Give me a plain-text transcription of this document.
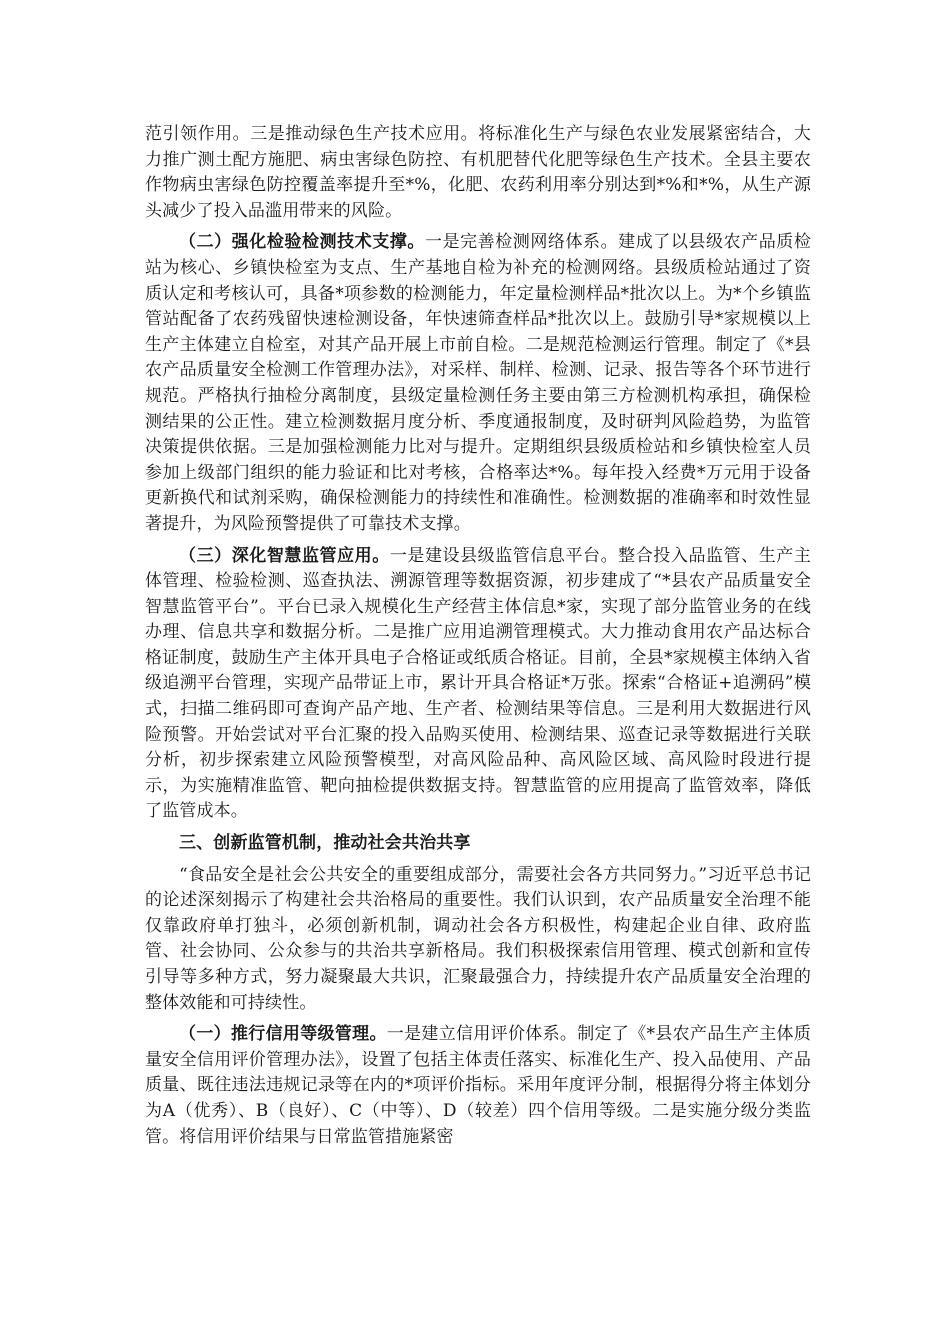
范引领作用。三是推动绿色生产技术应用。将标准化生产与绿色农业发展紧密结合，大力推广测土配方施肥、病虫害绿色防控、有机肥替代化肥等绿色生产技术。全县主要农作物病虫害绿色防控覆盖率提升至*%，化肥、农药利用率分别达到*%和*%，从生产源头减少了投入品滥用带来的风险。

（二）强化检验检测技术支撑。一是完善检测网络体系。建成了以县级农产品质检站为核心、乡镇快检室为支点、生产基地自检为补充的检测网络。县级质检站通过了资质认定和考核认可，具备*项参数的检测能力，年定量检测样品*批次以上。为*个乡镇监管站配备了农药残留快速检测设备，年快速筛查样品*批次以上。鼓励引导*家规模以上生产主体建立自检室，对其产品开展上市前自检。二是规范检测运行管理。制定了《*县农产品质量安全检测工作管理办法》，对采样、制样、检测、记录、报告等各个环节进行规范。严格执行抽检分离制度，县级定量检测任务主要由第三方检测机构承担，确保检测结果的公正性。建立检测数据月度分析、季度通报制度，及时研判风险趋势，为监管决策提供依据。三是加强检测能力比对与提升。定期组织县级质检站和乡镇快检室人员参加上级部门组织的能力验证和比对考核，合格率达*%。每年投入经费*万元用于设备更新换代和试剂采购，确保检测能力的持续性和准确性。检测数据的准确率和时效性显著提升，为风险预警提供了可靠技术支撑。

（三）深化智慧监管应用。一是建设县级监管信息平台。整合投入品监管、生产主体管理、检验检测、巡查执法、溯源管理等数据资源，初步建成了“*县农产品质量安全智慧监管平台”。平台已录入规模化生产经营主体信息*家，实现了部分监管业务的在线办理、信息共享和数据分析。二是推广应用追溯管理模式。大力推动食用农产品达标合格证制度，鼓励生产主体开具电子合格证或纸质合格证。目前，全县*家规模主体纳入省级追溯平台管理，实现产品带证上市，累计开具合格证*万张。探索“合格证+追溯码”模式，扫描二维码即可查询产品产地、生产者、检测结果等信息。三是利用大数据进行风险预警。开始尝试对平台汇聚的投入品购买使用、检测结果、巡查记录等数据进行关联分析，初步探索建立风险预警模型，对高风险品种、高风险区域、高风险时段进行提示，为实施精准监管、靶向抽检提供数据支持。智慧监管的应用提高了监管效率，降低了监管成本。

三、创新监管机制，推动社会共治共享

“食品安全是社会公共安全的重要组成部分，需要社会各方共同努力。”习近平总书记的论述深刻揭示了构建社会共治格局的重要性。我们认识到，农产品质量安全治理不能仅靠政府单打独斗，必须创新机制，调动社会各方积极性，构建起企业自律、政府监管、社会协同、公众参与的共治共享新格局。我们积极探索信用管理、模式创新和宣传引导等多种方式，努力凝聚最大共识，汇聚最强合力，持续提升农产品质量安全治理的整体效能和可持续性。

（一）推行信用等级管理。一是建立信用评价体系。制定了《*县农产品生产主体质量安全信用评价管理办法》，设置了包括主体责任落实、标准化生产、投入品使用、产品质量、既往违法违规记录等在内的*项评价指标。采用年度评分制，根据得分将主体划分为A（优秀）、B（良好）、C（中等）、D（较差）四个信用等级。二是实施分级分类监管。将信用评价结果与日常监管措施紧密
